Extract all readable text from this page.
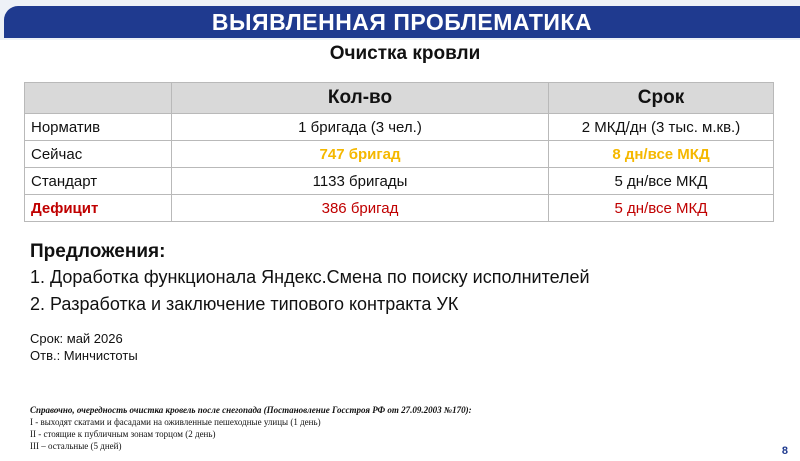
ВЫЯВЛЕННАЯ ПРОБЛЕМАТИКА
Очистка кровли
	Кол-во	Срок
Норматив	1 бригада (3 чел.)	2 МКД/дн (3 тыс. м.кв.)
Сейчас	747 бригад	8 дн/все МКД
Стандарт	1133 бригады	5 дн/все МКД
Дефицит	386 бригад	5 дн/все МКД
Предложения:
1. Доработка функционала Яндекс.Смена по поиску исполнителей
2. Разработка и заключение типового контракта УК
Срок: май 2026
Отв.: Минчистоты
Справочно, очередность очистка кровель после снегопада (Постановление Госстроя РФ от 27.09.2003 №170):
I - выходят скатами и фасадами на оживленные пешеходные улицы (1 день)
II - стоящие к публичным зонам торцом (2 день)
III – остальные (5 дней)	8
